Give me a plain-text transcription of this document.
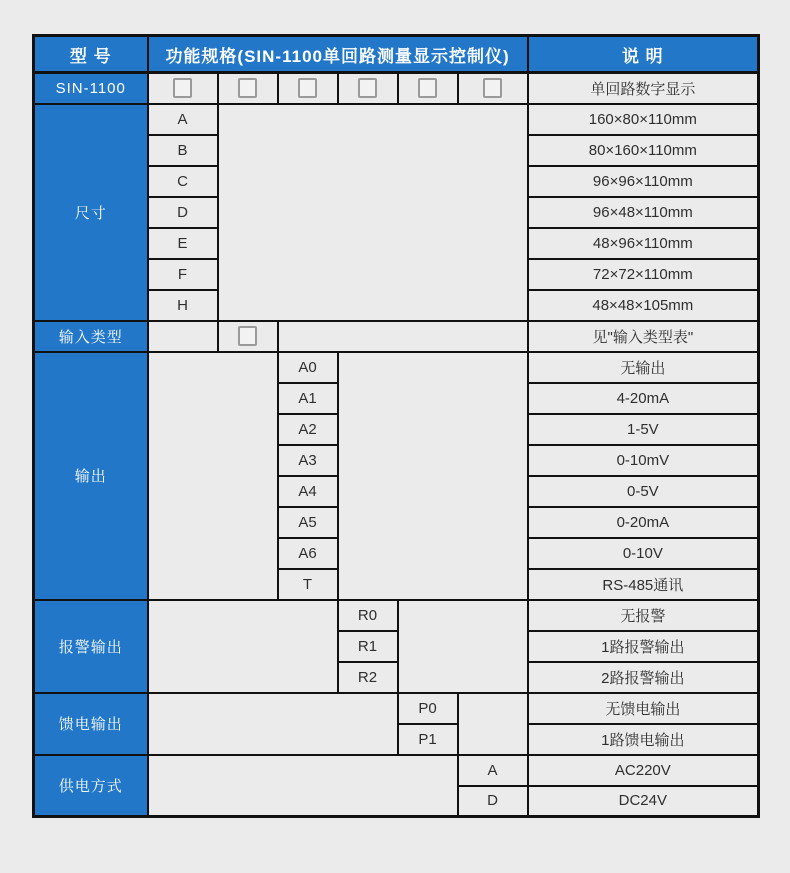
型 号	功能规格(SIN-1100单回路测量显示控制仪)						说 明
SIN-1100							单回路数字显示
尺寸	A						160×80×110mm
	B						80×160×110mm
	C						96×96×110mm
	D						96×48×110mm
	E						48×96×110mm
	F						72×72×110mm
	H						48×48×105mm
输入类型							见"输入类型表"
输出			A0				无输出
			A1				4-20mA
			A2				1-5V
			A3				0-10mV
			A4				0-5V
			A5				0-20mA
			A6				0-10V
			T				RS-485通讯
报警输出				R0			无报警
				R1			1路报警输出
				R2			2路报警输出
馈电输出					P0		无馈电输出
					P1		1路馈电输出
供电方式						A	AC220V
						D	DC24V
